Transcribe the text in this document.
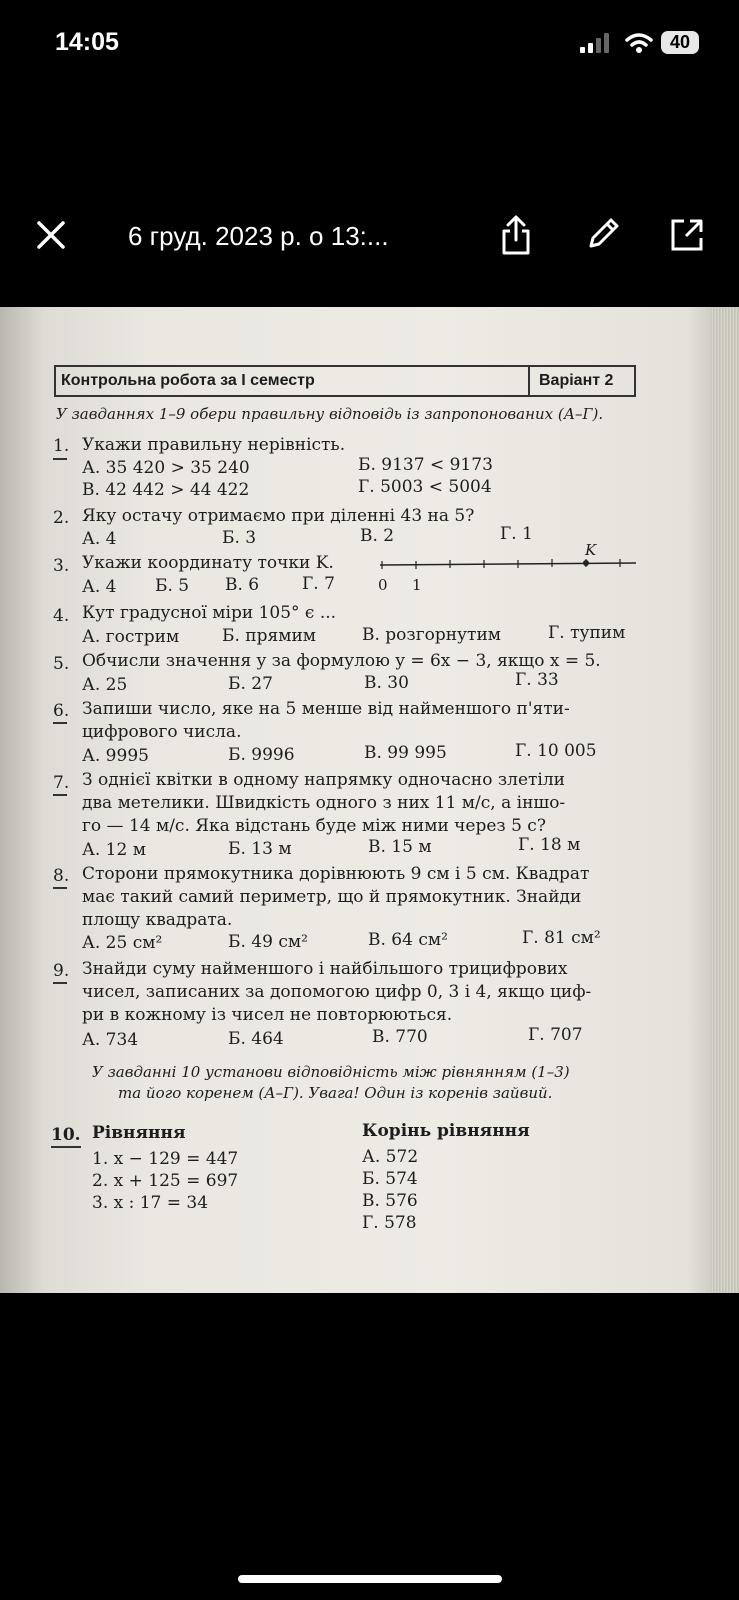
14:05	40
6 груд. 2023 р. о 13:...
Контрольна робота за I семестр	Варіант 2
У завданнях 1–9 обери правильну відповідь із запропонованих (А–Г).
1. Укажи правильну нерівність.
А. 35 420 > 35 240	Б. 9137 < 9173
В. 42 442 > 44 422	Г. 5003 < 5004
2. Яку остачу отримаємо при діленні 43 на 5?
А. 4	Б. 3	В. 2	Г. 1
3. Укажи координату точки K.
А. 4 Б. 5 В. 6	Г. 7	0 1
K
4. Кут градусної міри 105° є ...
А. гострим	Б. прямим	В. розгорнутим	Г. тупим
5. Обчисли значення y за формулою y = 6x − 3, якщо x = 5.
А. 25	Б. 27	В. 30	Г. 33
6. Запиши число, яке на 5 менше від найменшого п'яти-
цифрового числа.
А. 9995	Б. 9996	В. 99 995	Г. 10 005
7. З однієї квітки в одному напрямку одночасно злетіли
два метелики. Швидкість одного з них 11 м/с, а іншо-
го — 14 м/с. Яка відстань буде між ними через 5 с?
А. 12 м	Б. 13 м	В. 15 м	Г. 18 м
8. Сторони прямокутника дорівнюють 9 см і 5 см. Квадрат
має такий самий периметр, що й прямокутник. Знайди
площу квадрата.
А. 25 см²	Б. 49 см²	В. 64 см²	Г. 81 см²
9. Знайди суму найменшого і найбільшого трицифрових
чисел, записаних за допомогою цифр 0, 3 і 4, якщо циф-
ри в кожному із чисел не повторюються.
А. 734	Б. 464	В. 770	Г. 707
У завданні 10 установи відповідність між рівнянням (1–3)
та його коренем (А–Г). Увага! Один із коренів зайвий.
10. Рівняння	Корінь рівняння
1. x − 129 = 447
2. x + 125 = 697
3. x : 17 = 34
А. 572
Б. 574
В. 576
Г. 578
